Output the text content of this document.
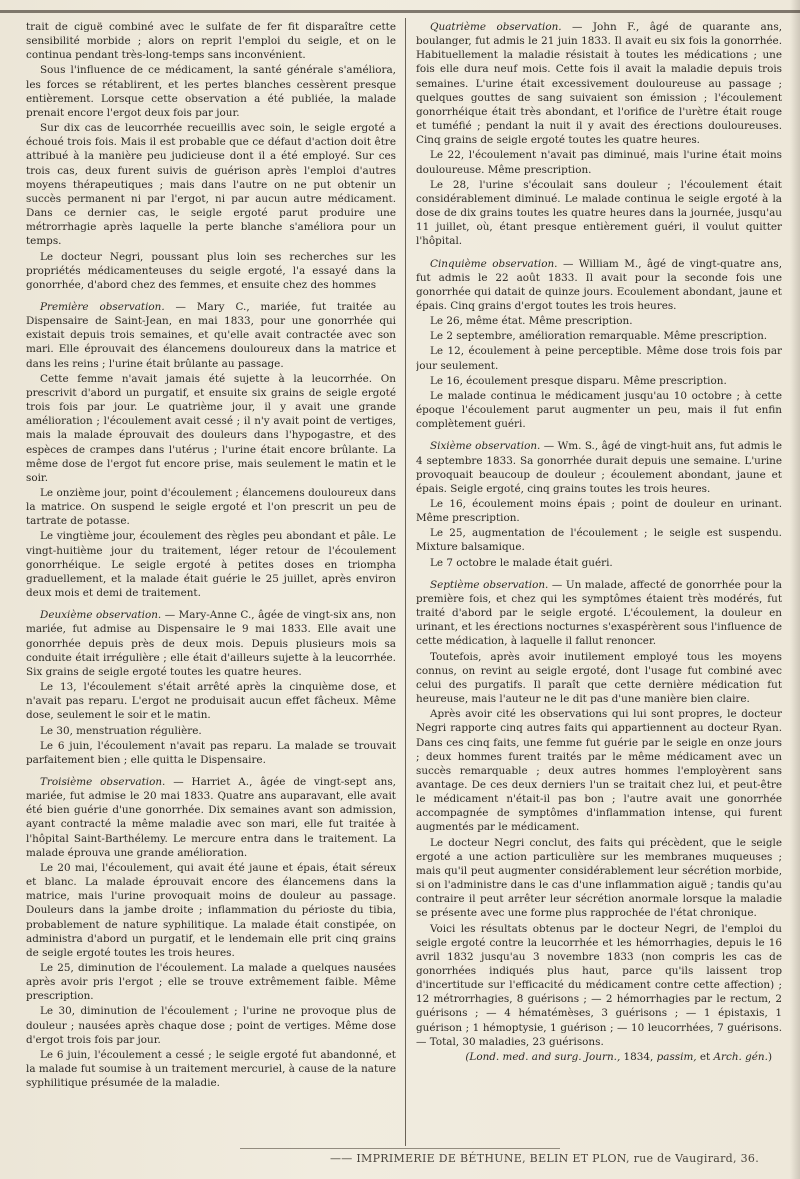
trait de ciguë combiné avec le sulfate de fer fit disparaître cette sensibilité morbide ; alors on reprit l'emploi du seigle, et on le continua pendant très-long-temps sans inconvénient.

Sous l'influence de ce médicament, la santé générale s'améliora, les forces se rétablirent, et les pertes blanches cessèrent presque entièrement. Lorsque cette observation a été publiée, la malade prenait encore l'ergot deux fois par jour.

Sur dix cas de leucorrhée recueillis avec soin, le seigle ergoté a échoué trois fois. Mais il est probable que ce défaut d'action doit être attribué à la manière peu judicieuse dont il a été employé. Sur ces trois cas, deux furent suivis de guérison après l'emploi d'autres moyens thérapeutiques ; mais dans l'autre on ne put obtenir un succès permanent ni par l'ergot, ni par aucun autre médicament. Dans ce dernier cas, le seigle ergoté parut produire une métrorrhagie après laquelle la perte blanche s'améliora pour un temps.

Le docteur Negri, poussant plus loin ses recherches sur les propriétés médicamenteuses du seigle ergoté, l'a essayé dans la gonorrhée, d'abord chez des femmes, et ensuite chez des hommes

Première observation. — Mary C., mariée, fut traitée au Dispensaire de Saint-Jean, en mai 1833, pour une gonorrhée qui existait depuis trois semaines, et qu'elle avait contractée avec son mari. Elle éprouvait des élancemens douloureux dans la matrice et dans les reins ; l'urine était brûlante au passage.

Cette femme n'avait jamais été sujette à la leucorrhée. On prescrivit d'abord un purgatif, et ensuite six grains de seigle ergoté trois fois par jour. Le quatrième jour, il y avait une grande amélioration ; l'écoulement avait cessé ; il n'y avait point de vertiges, mais la malade éprouvait des douleurs dans l'hypogastre, et des espèces de crampes dans l'utérus ; l'urine était encore brûlante. La même dose de l'ergot fut encore prise, mais seulement le matin et le soir.

Le onzième jour, point d'écoulement ; élancemens douloureux dans la matrice. On suspend le seigle ergoté et l'on prescrit un peu de tartrate de potasse.

Le vingtième jour, écoulement des règles peu abondant et pâle. Le vingt-huitième jour du traitement, léger retour de l'écoulement gonorrhéique. Le seigle ergoté à petites doses en triompha graduellement, et la malade était guérie le 25 juillet, après environ deux mois et demi de traitement.

Deuxième observation. — Mary-Anne C., âgée de vingt-six ans, non mariée, fut admise au Dispensaire le 9 mai 1833. Elle avait une gonorrhée depuis près de deux mois. Depuis plusieurs mois sa conduite était irrégulière ; elle était d'ailleurs sujette à la leucorrhée. Six grains de seigle ergoté toutes les quatre heures.

Le 13, l'écoulement s'était arrêté après la cinquième dose, et n'avait pas reparu. L'ergot ne produisait aucun effet fâcheux. Même dose, seulement le soir et le matin.

Le 30, menstruation régulière.

Le 6 juin, l'écoulement n'avait pas reparu. La malade se trouvait parfaitement bien ; elle quitta le Dispensaire.

Troisième observation. — Harriet A., âgée de vingt-sept ans, mariée, fut admise le 20 mai 1833. Quatre ans auparavant, elle avait été bien guérie d'une gonorrhée. Dix semaines avant son admission, ayant contracté la même maladie avec son mari, elle fut traitée à l'hôpital Saint-Barthélemy. Le mercure entra dans le traitement. La malade éprouva une grande amélioration.

Le 20 mai, l'écoulement, qui avait été jaune et épais, était séreux et blanc. La malade éprouvait encore des élancemens dans la matrice, mais l'urine provoquait moins de douleur au passage. Douleurs dans la jambe droite ; inflammation du périoste du tibia, probablement de nature syphilitique. La malade était constipée, on administra d'abord un purgatif, et le lendemain elle prit cinq grains de seigle ergoté toutes les trois heures.

Le 25, diminution de l'écoulement. La malade a quelques nausées après avoir pris l'ergot ; elle se trouve extrêmement faible. Même prescription.

Le 30, diminution de l'écoulement ; l'urine ne provoque plus de douleur ; nausées après chaque dose ; point de vertiges. Même dose d'ergot trois fois par jour.

Le 6 juin, l'écoulement a cessé ; le seigle ergoté fut abandonné, et la malade fut soumise à un traitement mercuriel, à cause de la nature syphilitique présumée de la maladie.

Quatrième observation. — John F., âgé de quarante ans, boulanger, fut admis le 21 juin 1833. Il avait eu six fois la gonorrhée. Habituellement la maladie résistait à toutes les médications ; une fois elle dura neuf mois. Cette fois il avait la maladie depuis trois semaines. L'urine était excessivement douloureuse au passage ; quelques gouttes de sang suivaient son émission ; l'écoulement gonorrhéique était très abondant, et l'orifice de l'urètre était rouge et tuméfié ; pendant la nuit il y avait des érections douloureuses. Cinq grains de seigle ergoté toutes les quatre heures.

Le 22, l'écoulement n'avait pas diminué, mais l'urine était moins douloureuse. Même prescription.

Le 28, l'urine s'écoulait sans douleur ; l'écoulement était considérablement diminué. Le malade continua le seigle ergoté à la dose de dix grains toutes les quatre heures dans la journée, jusqu'au 11 juillet, où, étant presque entièrement guéri, il voulut quitter l'hôpital.

Cinquième observation. — William M., âgé de vingt-quatre ans, fut admis le 22 août 1833. Il avait pour la seconde fois une gonorrhée qui datait de quinze jours. Ecoulement abondant, jaune et épais. Cinq grains d'ergot toutes les trois heures.

Le 26, même état. Même prescription.

Le 2 septembre, amélioration remarquable. Même prescription.

Le 12, écoulement à peine perceptible. Même dose trois fois par jour seulement.

Le 16, écoulement presque disparu. Même prescription.

Le malade continua le médicament jusqu'au 10 octobre ; à cette époque l'écoulement parut augmenter un peu, mais il fut enfin complètement guéri.

Sixième observation. — Wm. S., âgé de vingt-huit ans, fut admis le 4 septembre 1833. Sa gonorrhée durait depuis une semaine. L'urine provoquait beaucoup de douleur ; écoulement abondant, jaune et épais. Seigle ergoté, cinq grains toutes les trois heures.

Le 16, écoulement moins épais ; point de douleur en urinant. Même prescription.

Le 25, augmentation de l'écoulement ; le seigle est suspendu. Mixture balsamique.

Le 7 octobre le malade était guéri.

Septième observation. — Un malade, affecté de gonorrhée pour la première fois, et chez qui les symptômes étaient très modérés, fut traité d'abord par le seigle ergoté. L'écoulement, la douleur en urinant, et les érections nocturnes s'exaspérèrent sous l'influence de cette médication, à laquelle il fallut renoncer.

Toutefois, après avoir inutilement employé tous les moyens connus, on revint au seigle ergoté, dont l'usage fut combiné avec celui des purgatifs. Il paraît que cette dernière médication fut heureuse, mais l'auteur ne le dit pas d'une manière bien claire.

Après avoir cité les observations qui lui sont propres, le docteur Negri rapporte cinq autres faits qui appartiennent au docteur Ryan. Dans ces cinq faits, une femme fut guérie par le seigle en onze jours ; deux hommes furent traités par le même médicament avec un succès remarquable ; deux autres hommes l'employèrent sans avantage. De ces deux derniers l'un se traitait chez lui, et peut-être le médicament n'était-il pas bon ; l'autre avait une gonorrhée accompagnée de symptômes d'inflammation intense, qui furent augmentés par le médicament.

Le docteur Negri conclut, des faits qui précèdent, que le seigle ergoté a une action particulière sur les membranes muqueuses ; mais qu'il peut augmenter considérablement leur sécrétion morbide, si on l'administre dans le cas d'une inflammation aiguë ; tandis qu'au contraire il peut arrêter leur sécrétion anormale lorsque la maladie se présente avec une forme plus rapprochée de l'état chronique.

Voici les résultats obtenus par le docteur Negri, de l'emploi du seigle ergoté contre la leucorrhée et les hémorrhagies, depuis le 16 avril 1832 jusqu'au 3 novembre 1833 (non compris les cas de gonorrhées indiqués plus haut, parce qu'ils laissent trop d'incertitude sur l'efficacité du médicament contre cette affection) ; 12 métrorrhagies, 8 guérisons ; — 2 hémorrhagies par le rectum, 2 guérisons ; — 4 hématémèses, 3 guérisons ; — 1 épistaxis, 1 guérison ; 1 hémoptysie, 1 guérison ; — 10 leucorrhées, 7 guérisons. — Total, 30 maladies, 23 guérisons.

(Lond. med. and surg. Journ., 1834, passim, et Arch. gén.)

—— IMPRIMERIE DE BÉTHUNE, BELIN ET PLON, rue de Vaugirard, 36.
